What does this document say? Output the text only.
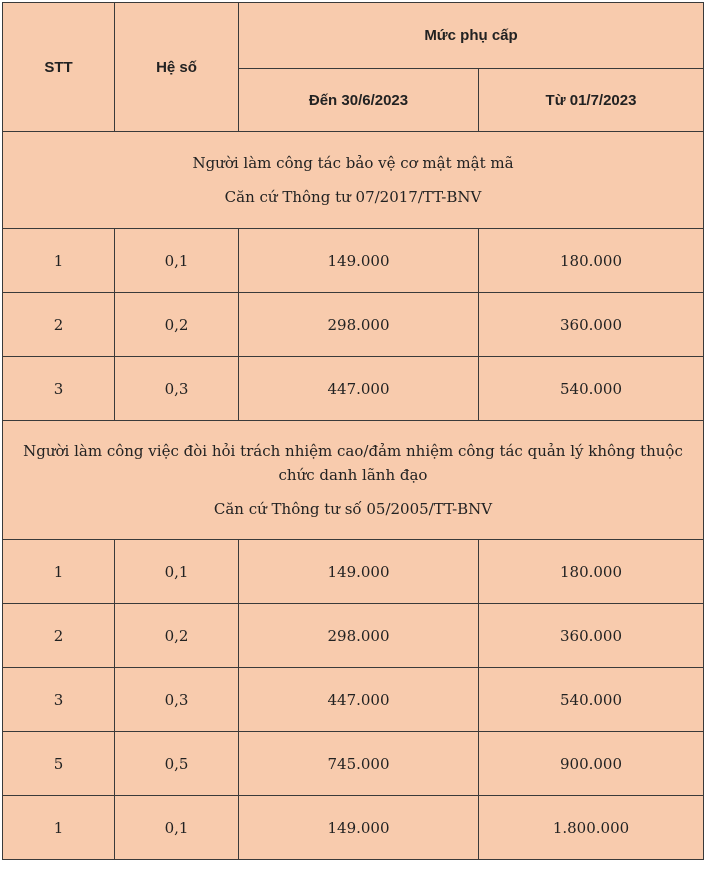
STT	Hệ số	Mức phụ cấp	
		Đến 30/6/2023	Từ 01/7/2023

Người làm công tác bảo vệ cơ mật mật mã

Căn cứ Thông tư 07/2017/TT-BNV			

1	0,1	149.000	180.000
2	0,2	298.000	360.000
3	0,3	447.000	540.000

Người làm công việc đòi hỏi trách nhiệm cao/đảm nhiệm công tác quản lý không thuộc chức danh lãnh đạo

Căn cứ Thông tư số 05/2005/TT-BNV			

1	0,1	149.000	180.000
2	0,2	298.000	360.000
3	0,3	447.000	540.000
5	0,5	745.000	900.000
1	0,1	149.000	1.800.000
